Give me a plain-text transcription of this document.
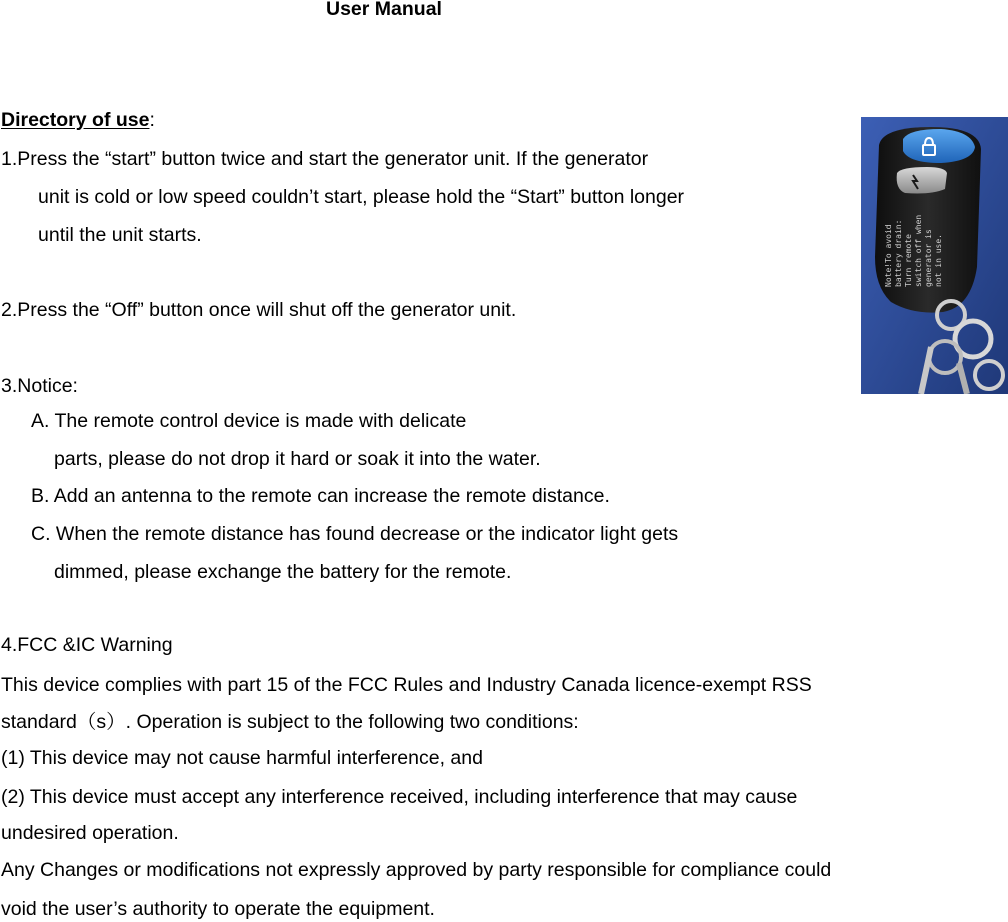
User Manual
Directory of use:
1.Press the “start” button twice and start the generator unit. If the generator
unit is cold or low speed couldn’t start, please hold the “Start” button longer
until the unit starts.
2.Press the “Off” button once will shut off the generator unit.
3.Notice:
A. The remote control device is made with delicate
parts, please do not drop it hard or soak it into the water.
B. Add an antenna to the remote can increase the remote distance.
C. When the remote distance has found decrease or the indicator light gets
dimmed, please exchange the battery for the remote.
4.FCC &IC Warning
This device complies with part 15 of the FCC Rules and Industry Canada licence-exempt RSS
standard（s）. Operation is subject to the following two conditions:
(1) This device may not cause harmful interference, and
(2) This device must accept any interference received, including interference that may cause
undesired operation.
Any Changes or modifications not expressly approved by party responsible for compliance could
void the user’s authority to operate the equipment.
Note!To avoid battery drain: Turn remote switch off when generator is not in use.
